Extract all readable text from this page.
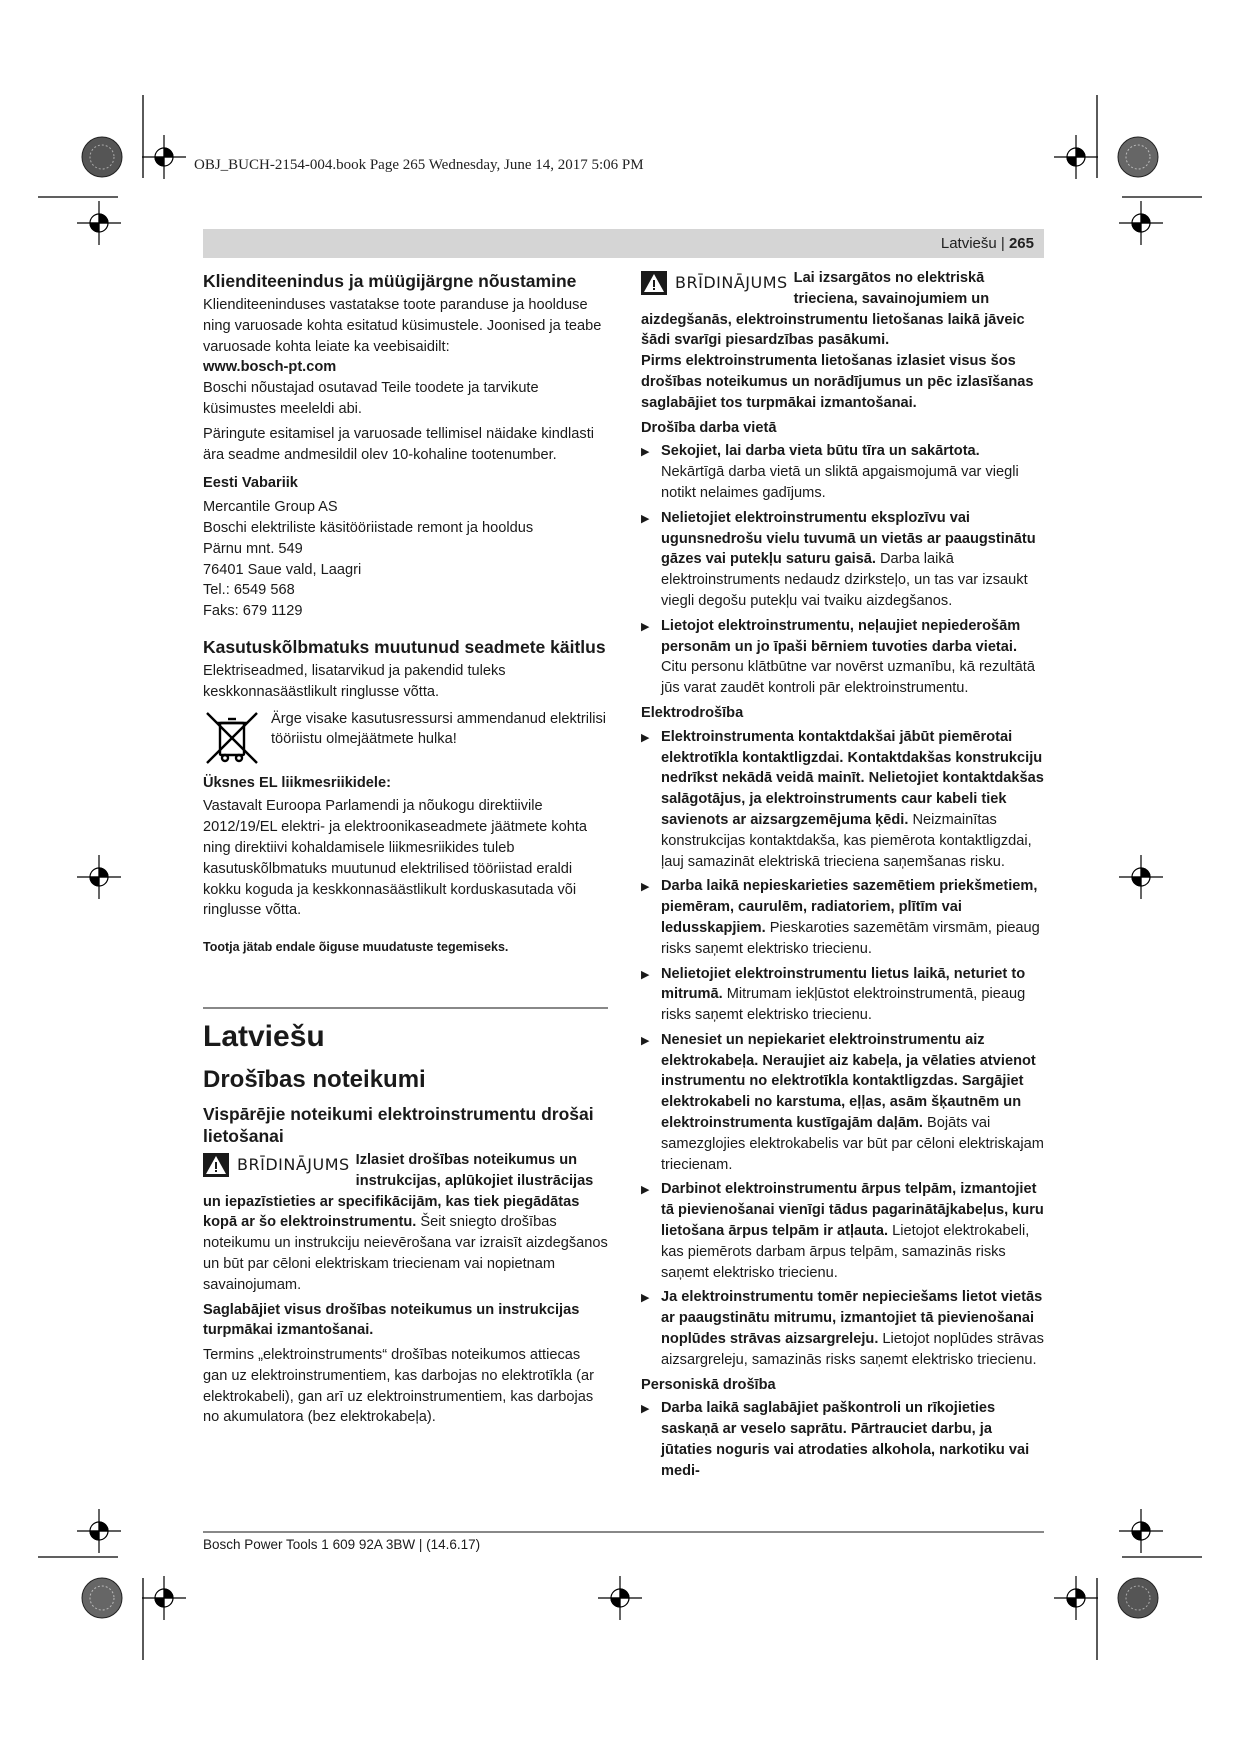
OBJ_BUCH-2154-004.book Page 265 Wednesday, June 14, 2017 5:06 PM
Latviešu | 265
Klienditeenindus ja müügijärgne nõustamine

Klienditeeninduses vastatakse toote paranduse ja hoolduse ning varuosade kohta esitatud küsimustele. Joonised ja teabe varuosade kohta leiate ka veebisaidilt:

www.bosch-pt.com

Boschi nõustajad osutavad Teile toodete ja tarvikute küsimustes meeleldi abi.

Päringute esitamisel ja varuosade tellimisel näidake kindlasti ära seadme andmesildil olev 10-kohaline tootenumber.

Eesti Vabariik
Mercantile Group AS
Boschi elektriliste käsitööriistade remont ja hooldus
Pärnu mnt. 549
76401 Saue vald, Laagri
Tel.: 6549 568
Faks: 679 1129
Kasutuskõlbmatuks muutunud seadmete käitlus

Elektriseadmed, lisatarvikud ja pakendid tuleks keskkonnasäästlikult ringlusse võtta.

Ärge visake kasutusressursi ammendanud elektrilisi tööriistu olmejäätmete hulka!
Üksnes EL liikmesriikidele:

Vastavalt Euroopa Parlamendi ja nõukogu direktiivile 2012/19/EL elektri- ja elektroonikaseadmete jäätmete kohta ning direktiivi kohaldamisele liikmesriikides tuleb kasutuskõlbmatuks muutunud elektrilised tööriistad eraldi kokku koguda ja keskkonnasäästlikult korduskasutada või ringlusse võtta.

Tootja jätab endale õiguse muudatuste tegemiseks.
Latviešu
Drošības noteikumi
Vispārējie noteikumi elektroinstrumentu drošai lietošanai
BRĪDINĀJUMS Izlasiet drošības noteikumus un instrukcijas, aplūkojiet ilustrācijas un iepazīstieties ar specifikācijām, kas tiek piegādātas kopā ar šo elektroinstrumentu. Šeit sniegto drošības noteikumu un instrukciju neievērošana var izraisīt aizdegšanos un būt par cēloni elektriskam triecienam vai nopietnam savainojumam.

Saglabājiet visus drošības noteikumus un instrukcijas turpmākai izmantošanai.

Termins „elektroinstruments“ drošības noteikumos attiecas gan uz elektroinstrumentiem, kas darbojas no elektrotīkla (ar elektrokabeli), gan arī uz elektroinstrumentiem, kas darbojas no akumulatora (bez elektrokabeļa).

BRĪDINĀJUMS Lai izsargātos no elektriskā trieciena, savainojumiem un aizdegšanās, elektroinstrumentu lietošanas laikā jāveic šādi svarīgi piesardzības pasākumi.

Pirms elektroinstrumenta lietošanas izlasiet visus šos drošības noteikumus un norādījumus un pēc izlasīšanas saglabājiet tos turpmākai izmantošanai.

Drošība darba vietā
▶ Sekojiet, lai darba vieta būtu tīra un sakārtota. Nekārtīgā darba vietā un sliktā apgaismojumā var viegli notikt nelaimes gadījums.
▶ Nelietojiet elektroinstrumentu eksplozīvu vai ugunsnedrošu vielu tuvumā un vietās ar paaugstinātu gāzes vai putekļu saturu gaisā. Darba laikā elektroinstruments nedaudz dzirksteļo, un tas var izsaukt viegli degošu putekļu vai tvaiku aizdegšanos.
▶ Lietojot elektroinstrumentu, neļaujiet nepiederošām personām un jo īpaši bērniem tuvoties darba vietai. Citu personu klātbūtne var novērst uzmanību, kā rezultātā jūs varat zaudēt kontroli pār elektroinstrumentu.
Elektrodrošība
▶ Elektroinstrumenta kontaktdakšai jābūt piemērotai elektrotīkla kontaktligzdai. Kontaktdakšas konstrukciju nedrīkst nekādā veidā mainīt. Nelietojiet kontaktdakšas salāgotājus, ja elektroinstruments caur kabeli tiek savienots ar aizsargzemējuma ķēdi. Neizmainītas konstrukcijas kontaktdakša, kas piemērota kontaktligzdai, ļauj samazināt elektriskā trieciena saņemšanas risku.
▶ Darba laikā nepieskarieties sazemētiem priekšmetiem, piemēram, caurulēm, radiatoriem, plītīm vai ledusskapjiem. Pieskaroties sazemētām virsmām, pieaug risks saņemt elektrisko triecienu.
▶ Nelietojiet elektroinstrumentu lietus laikā, neturiet to mitrumā. Mitrumam iekļūstot elektroinstrumentā, pieaug risks saņemt elektrisko triecienu.
▶ Nenesiet un nepiekariet elektroinstrumentu aiz elektrokabeļa. Neraujiet aiz kabeļa, ja vēlaties atvienot instrumentu no elektrotīkla kontaktligzdas. Sargājiet elektrokabeli no karstuma, eļļas, asām šķautnēm un elektroinstrumenta kustīgajām daļām. Bojāts vai samezglojies elektrokabelis var būt par cēloni elektriskajam triecienam.
▶ Darbinot elektroinstrumentu ārpus telpām, izmantojiet tā pievienošanai vienīgi tādus pagarinātājkabeļus, kuru lietošana ārpus telpām ir atļauta. Lietojot elektrokabeli, kas piemērots darbam ārpus telpām, samazinās risks saņemt elektrisko triecienu.
▶ Ja elektroinstrumentu tomēr nepieciešams lietot vietās ar paaugstinātu mitrumu, izmantojiet tā pievienošanai noplūdes strāvas aizsargreleju. Lietojot noplūdes strāvas aizsargreleju, samazinās risks saņemt elektrisko triecienu.
Personiskā drošība
▶ Darba laikā saglabājiet paškontroli un rīkojieties saskaņā ar veselo saprātu. Pārtrauciet darbu, ja jūtaties noguris vai atrodaties alkohola, narkotiku vai medi-
Bosch Power Tools 1 609 92A 3BW | (14.6.17)
